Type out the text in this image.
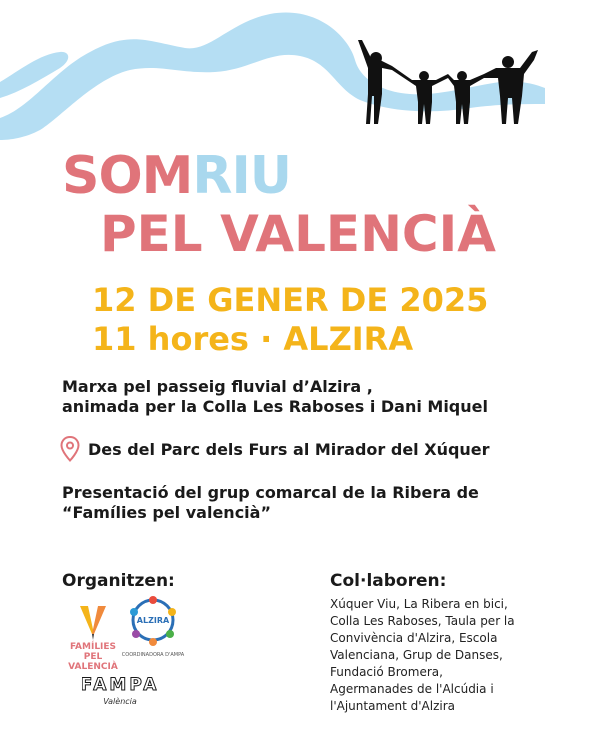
SOMRIU
PEL VALENCIÀ
12 DE GENER DE 2025
11 hores · ALZIRA
Marxa pel passeig fluvial d’Alzira ,
animada per la Colla Les Raboses i Dani Miquel
Des del Parc dels Furs al Mirador del Xúquer
Presentació del grup comarcal de la Ribera de
“Famílies pel valencià”
Organitzen:
FAMÍLIES
PEL VALENCIÀ
ALZIRA
COORDINADORA D'AMPA
FAMPA
València
Col·laboren:
Xúquer Viu, La Ribera en bici,
Colla Les Raboses, Taula per la
Convivència d'Alzira, Escola
Valenciana, Grup de Danses,
Fundació Bromera,
Agermanades de l'Alcúdia i
l'Ajuntament d'Alzira
